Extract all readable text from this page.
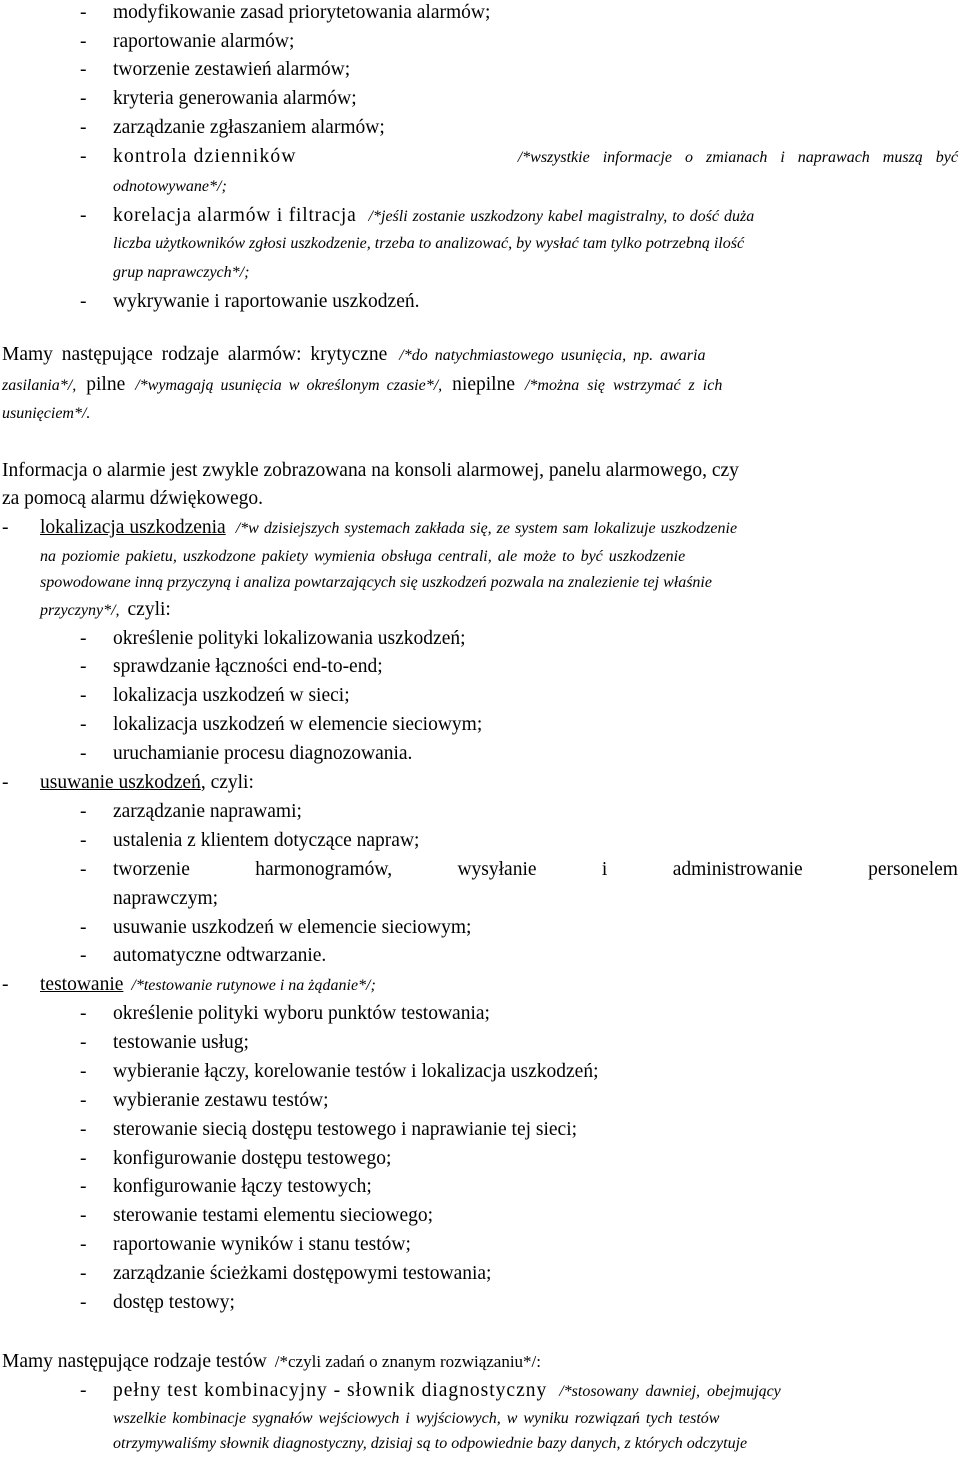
- modyfikowanie zasad priorytetowania alarmów;
- raportowanie alarmów;
- tworzenie zestawień alarmów;
- kryteria generowania alarmów;
- zarządzanie zgłaszaniem alarmów;
- kontrola dzienników	/*wszystkie informacje o zmianach i naprawach muszą być
odnotowywane*/;
- korelacja alarmów i filtracja /*jeśli zostanie uszkodzony kabel magistralny, to dość duża
liczba użytkowników zgłosi uszkodzenie, trzeba to analizować, by wysłać tam tylko potrzebną ilość
grup naprawczych*/;
- wykrywanie i raportowanie uszkodzeń.
Mamy następujące rodzaje alarmów: krytyczne /*do natychmiastowego usunięcia, np. awaria
zasilania*/, pilne /*wymagają usunięcia w określonym czasie*/, niepilne /*można się wstrzymać z ich
usunięciem*/.
Informacja o alarmie jest zwykle zobrazowana na konsoli alarmowej, panelu alarmowego, czy
za pomocą alarmu dźwiękowego.
- lokalizacja uszkodzenia /*w dzisiejszych systemach zakłada się, ze system sam lokalizuje uszkodzenie
na poziomie pakietu, uszkodzone pakiety wymienia obsługa centrali, ale może to być uszkodzenie
spowodowane inną przyczyną i analiza powtarzających się uszkodzeń pozwala na znalezienie tej właśnie
przyczyny*/, czyli:
- określenie polityki lokalizowania uszkodzeń;
- sprawdzanie łączności end-to-end;
- lokalizacja uszkodzeń w sieci;
- lokalizacja uszkodzeń w elemencie sieciowym;
- uruchamianie procesu diagnozowania.
- usuwanie uszkodzeń, czyli:
- zarządzanie naprawami;
- ustalenia z klientem dotyczące napraw;
- tworzenie	harmonogramów,	wysyłanie	i	administrowanie	personelem
naprawczym;
- usuwanie uszkodzeń w elemencie sieciowym;
- automatyczne odtwarzanie.
- testowanie /*testowanie rutynowe i na żądanie*/;
- określenie polityki wyboru punktów testowania;
- testowanie usług;
- wybieranie łączy, korelowanie testów i lokalizacja uszkodzeń;
- wybieranie zestawu testów;
- sterowanie siecią dostępu testowego i naprawianie tej sieci;
- konfigurowanie dostępu testowego;
- konfigurowanie łączy testowych;
- sterowanie testami elementu sieciowego;
- raportowanie wyników i stanu testów;
- zarządzanie ścieżkami dostępowymi testowania;
- dostęp testowy;
Mamy następujące rodzaje testów /*czyli zadań o znanym rozwiązaniu*/:
- pełny test kombinacyjny - słownik diagnostyczny /*stosowany dawniej, obejmujący
wszelkie kombinacje sygnałów wejściowych i wyjściowych, w wyniku rozwiązań tych testów
otrzymywaliśmy słownik diagnostyczny, dzisiaj są to odpowiednie bazy danych, z których odczytuje
